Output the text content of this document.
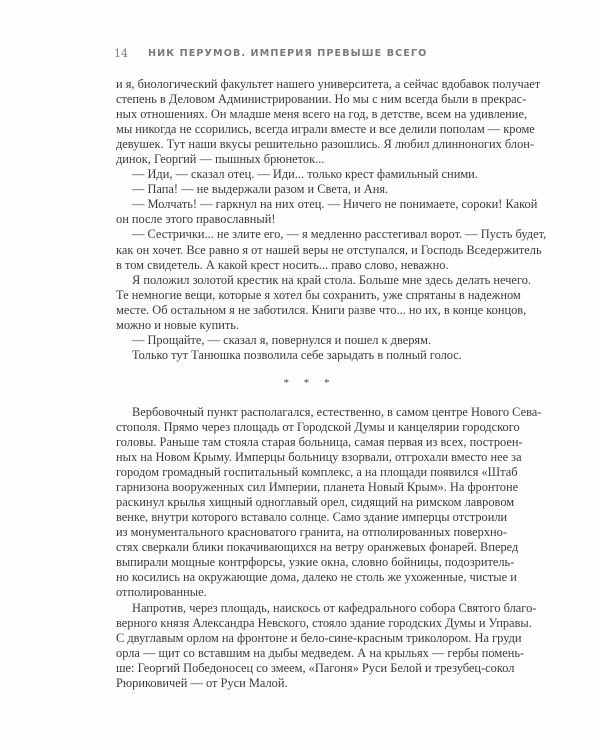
14	НИК ПЕРУМОВ. ИМПЕРИЯ ПРЕВЫШЕ ВСЕГО
и я, биологический факультет нашего университета, а сейчас вдобавок получает
степень в Деловом Администрировании. Но мы с ним всегда были в прекрас-
ных отношениях. Он младше меня всего на год, в детстве, всем на удивление,
мы никогда не ссорились, всегда играли вместе и все делили пополам — кроме
девушек. Тут наши вкусы решительно разошлись. Я любил длинноногих блон-
динок, Георгий — пышных брюнеток...
— Иди, — сказал отец. — Иди... только крест фамильный сними.
— Папа! — не выдержали разом и Света, и Аня.
— Молчать! — гаркнул на них отец. — Ничего не понимаете, сороки! Какой
он после этого православный!
— Сестрички... не злите его, — я медленно расстегивал ворот. — Пусть будет,
как он хочет. Все равно я от нашей веры не отступался, и Господь Вседержитель
в том свидетель. А какой крест носить... право слово, неважно.
Я положил золотой крестик на край стола. Больше мне здесь делать нечего.
Те немногие вещи, которые я хотел бы сохранить, уже спрятаны в надежном
месте. Об остальном я не заботился. Книги разве что... но их, в конце концов,
можно и новые купить.
— Прощайте, — сказал я, повернулся и пошел к дверям.
Только тут Танюшка позволила себе зарыдать в полный голос.
* * *
Вербовочный пункт располагался, естественно, в самом центре Нового Сева-
стополя. Прямо через площадь от Городской Думы и канцелярии городского
головы. Раньше там стояла старая больница, самая первая из всех, построен-
ных на Новом Крыму. Имперцы больницу взорвали, отгрохали вместо нее за
городом громадный госпитальный комплекс, а на площади появился «Штаб
гарнизона вооруженных сил Империи, планета Новый Крым». На фронтоне
раскинул крылья хищный одноглавый орел, сидящий на римском лавровом
венке, внутри которого вставало солнце. Само здание имперцы отстроили
из монументального красноватого гранита, на отполированных поверхно-
стях сверкали блики покачивающихся на ветру оранжевых фонарей. Вперед
выпирали мощные контрфорсы, узкие окна, словно бойницы, подозритель-
но косились на окружающие дома, далеко не столь же ухоженные, чистые и
отполированные.
Напротив, через площадь, наискось от кафедрального собора Святого благо-
верного князя Александра Невского, стояло здание городских Думы и Управы.
С двуглавым орлом на фронтоне и бело-сине-красным триколором. На груди
орла — щит со вставшим на дыбы медведем. А на крыльях — гербы помень-
ше: Георгий Победоносец со змеем, «Пагоня» Руси Белой и трезубец-сокол
Рюриковичей — от Руси Малой.
